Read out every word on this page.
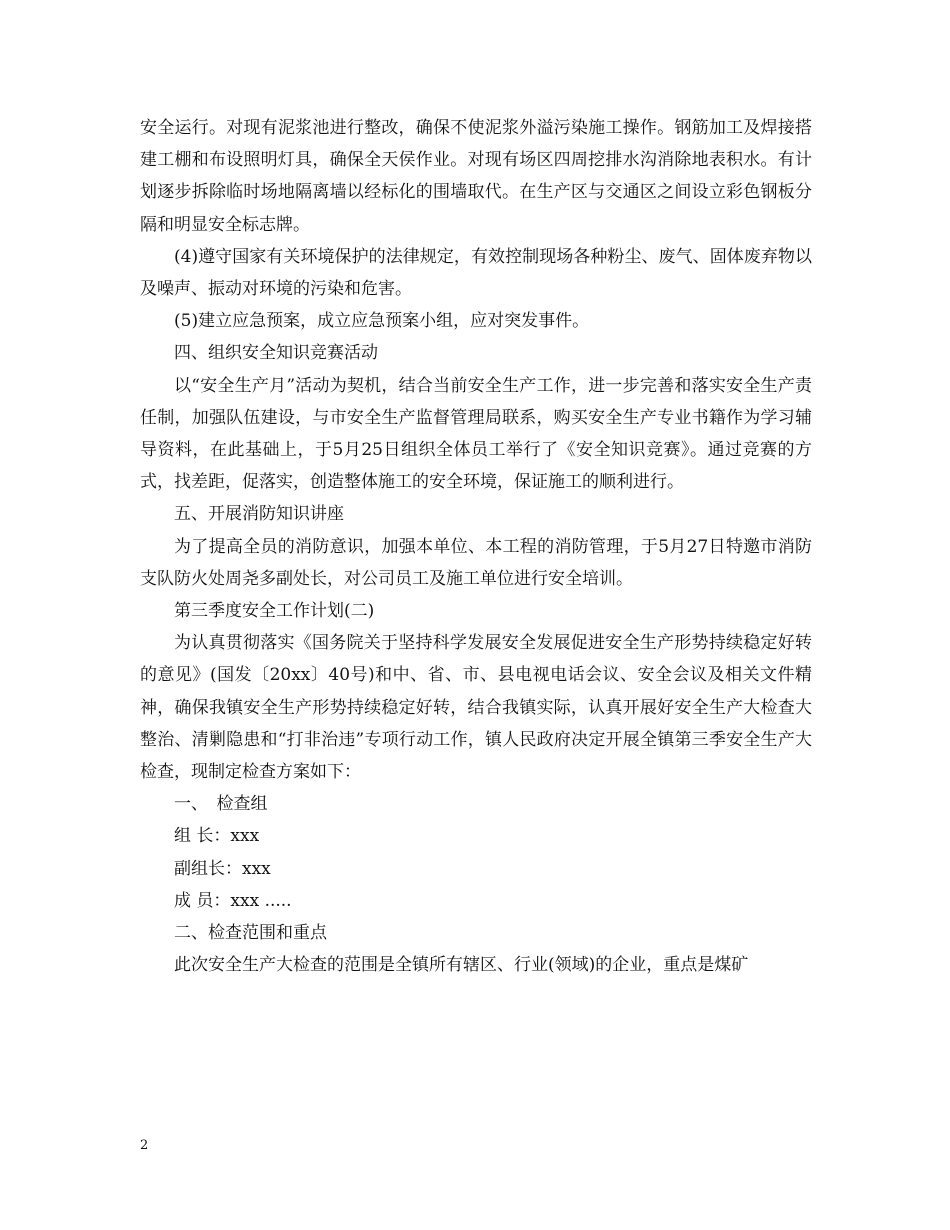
安全运行。对现有泥浆池进行整改，确保不使泥浆外溢污染施工操作。钢筋加工及焊接搭建工棚和布设照明灯具，确保全天侯作业。对现有场区四周挖排水沟消除地表积水。有计划逐步拆除临时场地隔离墙以经标化的围墙取代。在生产区与交通区之间设立彩色钢板分隔和明显安全标志牌。

(4)遵守国家有关环境保护的法律规定，有效控制现场各种粉尘、废气、固体废弃物以及噪声、振动对环境的污染和危害。

(5)建立应急预案，成立应急预案小组，应对突发事件。

四、组织安全知识竞赛活动

以“安全生产月”活动为契机，结合当前安全生产工作，进一步完善和落实安全生产责任制，加强队伍建设，与市安全生产监督管理局联系，购买安全生产专业书籍作为学习辅导资料，在此基础上，于5月25日组织全体员工举行了《安全知识竞赛》。通过竞赛的方式，找差距，促落实，创造整体施工的安全环境，保证施工的顺利进行。

五、开展消防知识讲座

为了提高全员的消防意识，加强本单位、本工程的消防管理，于5月27日特邀市消防支队防火处周尧多副处长，对公司员工及施工单位进行安全培训。

第三季度安全工作计划(二)

为认真贯彻落实《国务院关于坚持科学发展安全发展促进安全生产形势持续稳定好转的意见》(国发〔20xx〕40号)和中、省、市、县电视电话会议、安全会议及相关文件精神，确保我镇安全生产形势持续稳定好转，结合我镇实际，认真开展好安全生产大检查大整治、清剿隐患和“打非治违”专项行动工作，镇人民政府决定开展全镇第三季安全生产大检查，现制定检查方案如下：

一、　检查组

组 长：xxx

副组长：xxx

成 员：xxx .....

二、检查范围和重点

此次安全生产大检查的范围是全镇所有辖区、行业(领域)的企业，重点是煤矿

2
